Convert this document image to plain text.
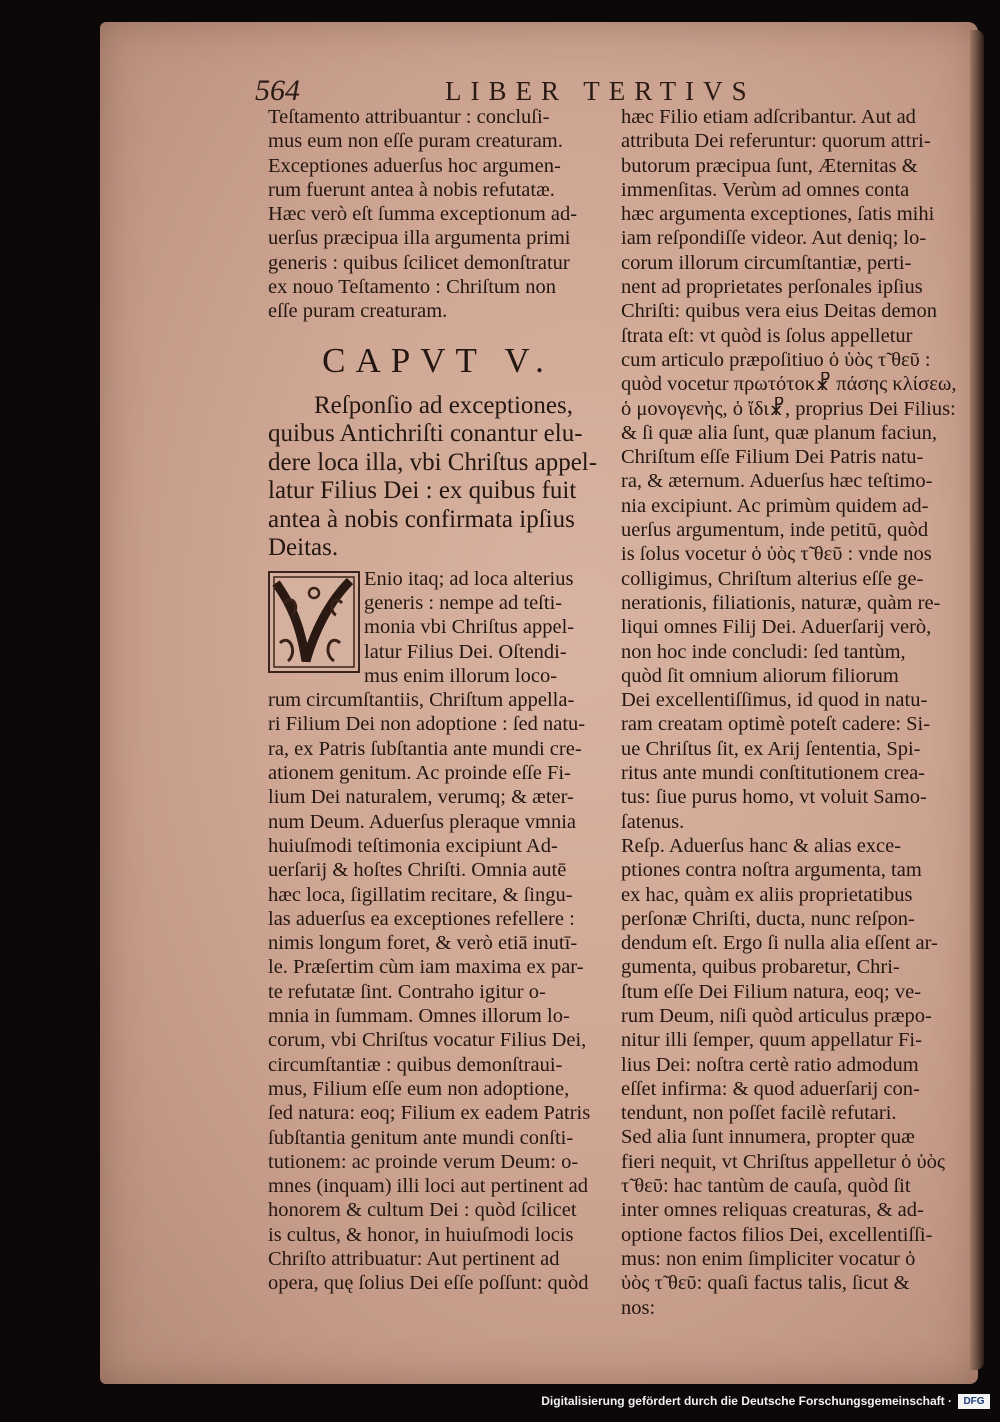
564	LIBER TERTIVS
Teſtamento attribuantur : concluſi-
mus eum non eſſe puram creaturam.
Exceptiones aduerſus hoc argumen-
rum fuerunt antea à nobis refutatæ.
Hæc verò eſt ſumma exceptionum ad-
uerſus præcipua illa argumenta primi
generis : quibus ſcilicet demonſtratur
ex nouo Teſtamento : Chriſtum non
eſſe puram creaturam.
CAPVT V.
Reſponſio ad exceptiones,
quibus Antichriſti conantur elu-
dere loca illa, vbi Chriſtus appel-
latur Filius Dei : ex quibus fuit
antea à nobis confirmata ipſius
Deitas.
Enio itaq; ad loca alterius
generis : nempe ad teſti-
monia vbi Chriſtus appel-
latur Filius Dei. Oſtendi-
mus enim illorum loco-
rum circumſtantiis, Chriſtum appella-
ri Filium Dei non adoptione : ſed natu-
ra, ex Patris ſubſtantia ante mundi cre-
ationem genitum. Ac proinde eſſe Fi-
lium Dei naturalem, verumq; & æter-
num Deum. Aduerſus pleraque vmnia
huiuſmodi teſtimonia excipiunt Ad-
uerſarij & hoſtes Chriſti. Omnia autē
hæc loca, ſigillatim recitare, & ſingu-
las aduerſus ea exceptiones refellere :
nimis longum foret, & verò etiā inutī-
le. Præſertim cùm iam maxima ex par-
te refutatæ ſint. Contraho igitur o-
mnia in ſummam. Omnes illorum lo-
corum, vbi Chriſtus vocatur Filius Dei,
circumſtantiæ : quibus demonſtraui-
mus, Filium eſſe eum non adoptione,
ſed natura: eoq; Filium ex eadem Patris
ſubſtantia genitum ante mundi conſti-
tutionem: ac proinde verum Deum: o-
mnes (inquam) illi loci aut pertinent ad
honorem & cultum Dei : quòd ſcilicet
is cultus, & honor, in huiuſmodi locis
Chriſto attribuatur: Aut pertinent ad
opera, quę ſolius Dei eſſe poſſunt: quòd
hæc Filio etiam adſcribantur. Aut ad
attributa Dei referuntur: quorum attri-
butorum præcipua ſunt, Æternitas &
immenſitas. Verùm ad omnes conta
hæc argumenta exceptiones, ſatis mihi
iam reſpondiſſe videor. Aut deniq; lo-
corum illorum circumſtantiæ, perti-
nent ad proprietates perſonales ipſius
Chriſti: quibus vera eius Deitas demon
ſtrata eſt: vt quòd is ſolus appelletur
cum articulo præpoſitiuo ὁ ὑὸς τ̃ θεῦ :
quòd vocetur πρωτότοκ☧ πάσης κλίσεω,
ὁ μονογενὴς, ὁ ἴδι☧, proprius Dei Filius:
& ſi quæ alia ſunt, quæ planum faciun,
Chriſtum eſſe Filium Dei Patris natu-
ra, & æternum. Aduerſus hæc teſtimo-
nia excipiunt. Ac primùm quidem ad-
uerſus argumentum, inde petitū, quòd
is ſolus vocetur ὁ ὑὸς τ̃ θεῦ : vnde nos
colligimus, Chriſtum alterius eſſe ge-
nerationis, filiationis, naturæ, quàm re-
liqui omnes Filij Dei. Aduerſarij verò,
non hoc inde concludi: ſed tantùm,
quòd ſit omnium aliorum filiorum
Dei excellentiſſimus, id quod in natu-
ram creatam optimè poteſt cadere: Si-
ue Chriſtus ſit, ex Arij ſententia, Spi-
ritus ante mundi conſtitutionem crea-
tus: ſiue purus homo, vt voluit Samo-
ſatenus.
Reſp. Aduerſus hanc & alias exce-
ptiones contra noſtra argumenta, tam
ex hac, quàm ex aliis proprietatibus
perſonæ Chriſti, ducta, nunc reſpon-
dendum eſt. Ergo ſi nulla alia eſſent ar-
gumenta, quibus probaretur, Chri-
ſtum eſſe Dei Filium natura, eoq; ve-
rum Deum, niſi quòd articulus præpo-
nitur illi ſemper, quum appellatur Fi-
lius Dei: noſtra certè ratio admodum
eſſet infirma: & quod aduerſarij con-
tendunt, non poſſet facilè refutari.
Sed alia ſunt innumera, propter quæ
fieri nequit, vt Chriſtus appelletur ὁ ὑὸς
τ̃ θεῦ: hac tantùm de cauſa, quòd ſit
inter omnes reliquas creaturas, & ad-
optione factos filios Dei, excellentiſſi-
mus: non enim ſimpliciter vocatur ὁ
ὑὸς τ̃ θεῦ: quaſi factus talis, ſicut &
nos:
Digitalisierung gefördert durch die Deutsche Forschungsgemeinschaft ·	DFG
